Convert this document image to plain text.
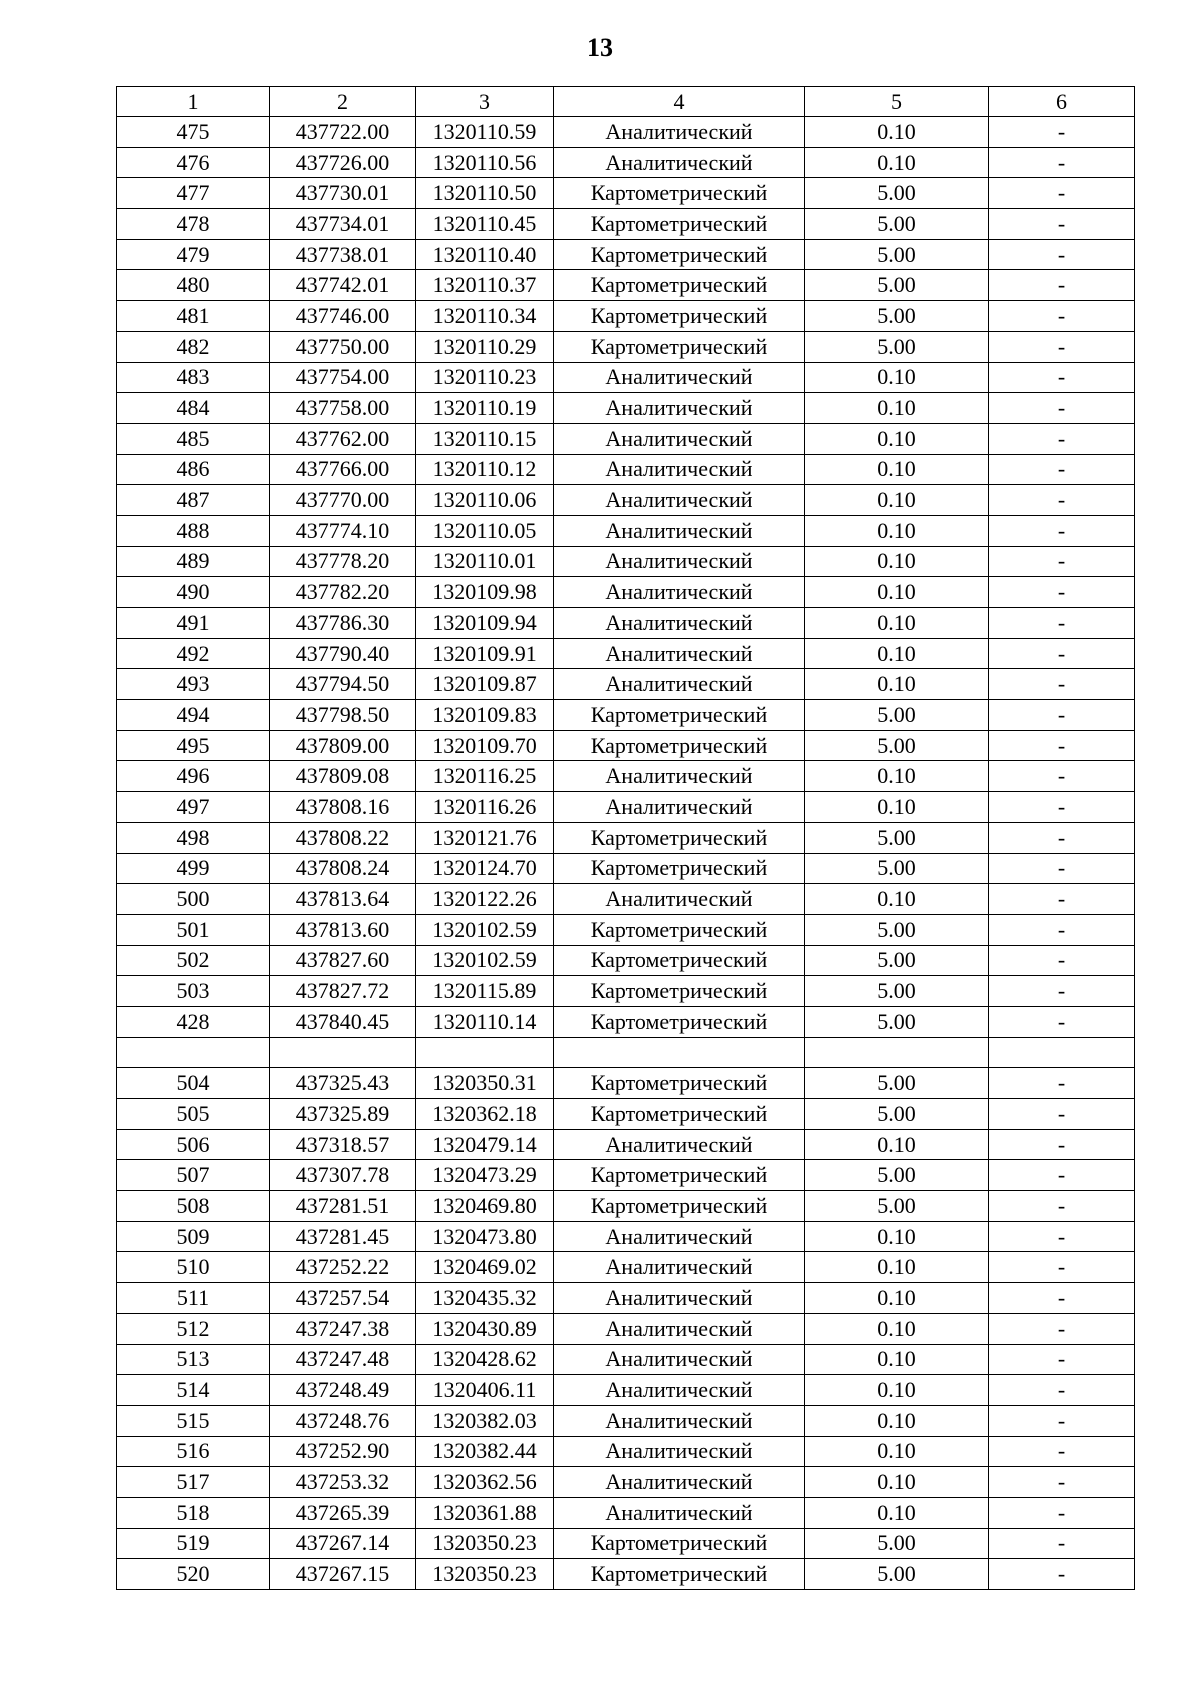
13
1	2	3	4	5	6
475	437722.00	1320110.59	Аналитический	0.10	-
476	437726.00	1320110.56	Аналитический	0.10	-
477	437730.01	1320110.50	Картометрический	5.00	-
478	437734.01	1320110.45	Картометрический	5.00	-
479	437738.01	1320110.40	Картометрический	5.00	-
480	437742.01	1320110.37	Картометрический	5.00	-
481	437746.00	1320110.34	Картометрический	5.00	-
482	437750.00	1320110.29	Картометрический	5.00	-
483	437754.00	1320110.23	Аналитический	0.10	-
484	437758.00	1320110.19	Аналитический	0.10	-
485	437762.00	1320110.15	Аналитический	0.10	-
486	437766.00	1320110.12	Аналитический	0.10	-
487	437770.00	1320110.06	Аналитический	0.10	-
488	437774.10	1320110.05	Аналитический	0.10	-
489	437778.20	1320110.01	Аналитический	0.10	-
490	437782.20	1320109.98	Аналитический	0.10	-
491	437786.30	1320109.94	Аналитический	0.10	-
492	437790.40	1320109.91	Аналитический	0.10	-
493	437794.50	1320109.87	Аналитический	0.10	-
494	437798.50	1320109.83	Картометрический	5.00	-
495	437809.00	1320109.70	Картометрический	5.00	-
496	437809.08	1320116.25	Аналитический	0.10	-
497	437808.16	1320116.26	Аналитический	0.10	-
498	437808.22	1320121.76	Картометрический	5.00	-
499	437808.24	1320124.70	Картометрический	5.00	-
500	437813.64	1320122.26	Аналитический	0.10	-
501	437813.60	1320102.59	Картометрический	5.00	-
502	437827.60	1320102.59	Картометрический	5.00	-
503	437827.72	1320115.89	Картометрический	5.00	-
428	437840.45	1320110.14	Картометрический	5.00	-

504	437325.43	1320350.31	Картометрический	5.00	-
505	437325.89	1320362.18	Картометрический	5.00	-
506	437318.57	1320479.14	Аналитический	0.10	-
507	437307.78	1320473.29	Картометрический	5.00	-
508	437281.51	1320469.80	Картометрический	5.00	-
509	437281.45	1320473.80	Аналитический	0.10	-
510	437252.22	1320469.02	Аналитический	0.10	-
511	437257.54	1320435.32	Аналитический	0.10	-
512	437247.38	1320430.89	Аналитический	0.10	-
513	437247.48	1320428.62	Аналитический	0.10	-
514	437248.49	1320406.11	Аналитический	0.10	-
515	437248.76	1320382.03	Аналитический	0.10	-
516	437252.90	1320382.44	Аналитический	0.10	-
517	437253.32	1320362.56	Аналитический	0.10	-
518	437265.39	1320361.88	Аналитический	0.10	-
519	437267.14	1320350.23	Картометрический	5.00	-
520	437267.15	1320350.23	Картометрический	5.00	-
